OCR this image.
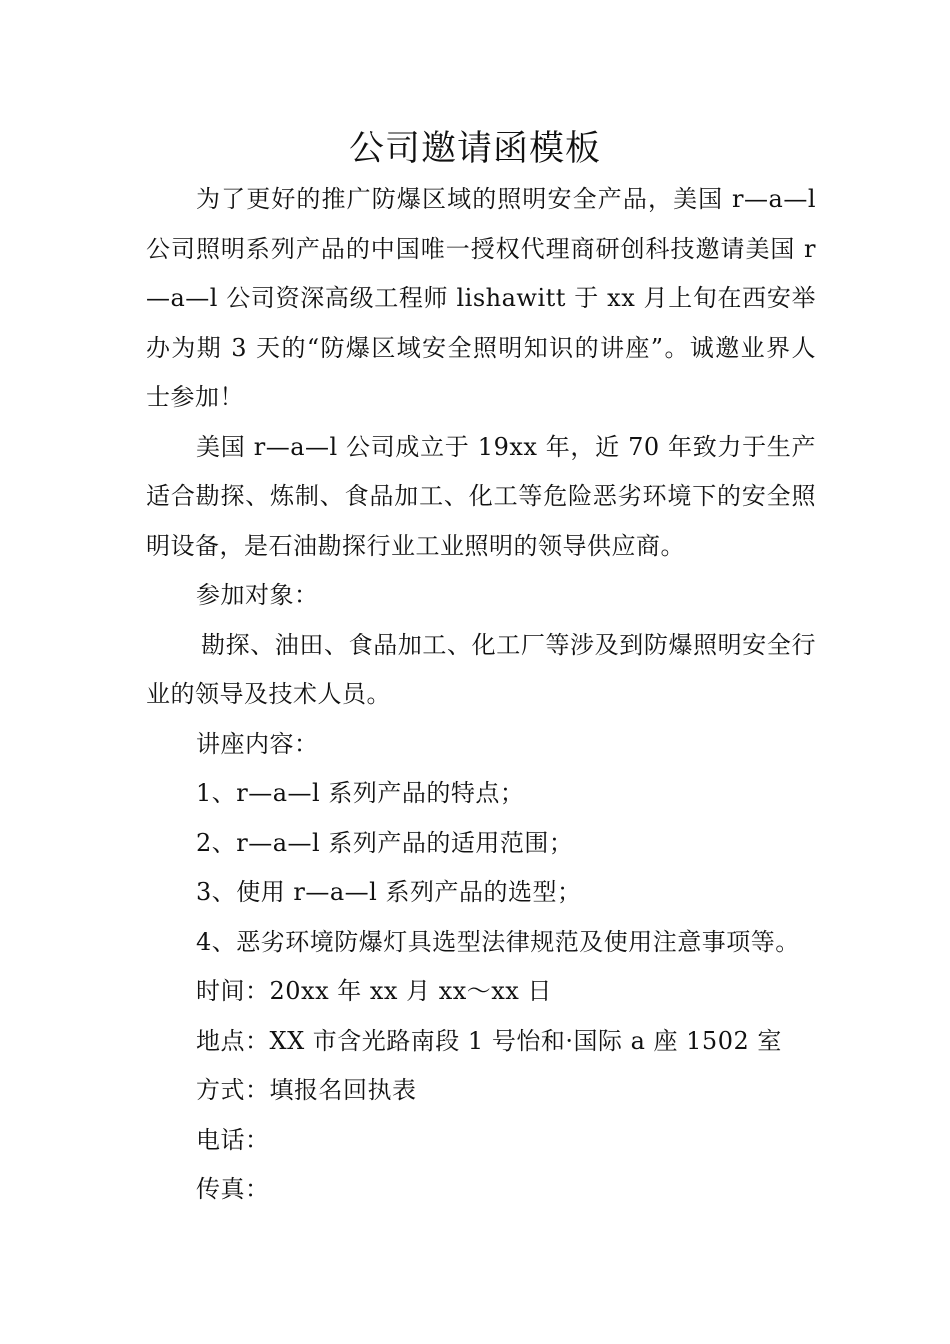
公司邀请函模板

为了更好的推广防爆区域的照明安全产品，美国 r—a—l 公司照明系列产品的中国唯一授权代理商研创科技邀请美国 r—a—l 公司资深高级工程师 lishawitt 于 xx 月上旬在西安举办为期 3 天的“防爆区域安全照明知识的讲座”。诚邀业界人士参加！

美国 r—a—l 公司成立于 19xx 年，近 70 年致力于生产适合勘探、炼制、食品加工、化工等危险恶劣环境下的安全照明设备，是石油勘探行业工业照明的领导供应商。

参加对象：

勘探、油田、食品加工、化工厂等涉及到防爆照明安全行业的领导及技术人员。

讲座内容：

1、r—a—l 系列产品的特点；

2、r—a—l 系列产品的适用范围；

3、使用 r—a—l 系列产品的选型；

4、恶劣环境防爆灯具选型法律规范及使用注意事项等。

时间：20xx 年 xx 月 xx～xx 日

地点：XX 市含光路南段 1 号怡和·国际 a 座 1502 室

方式：填报名回执表

电话：

传真：
